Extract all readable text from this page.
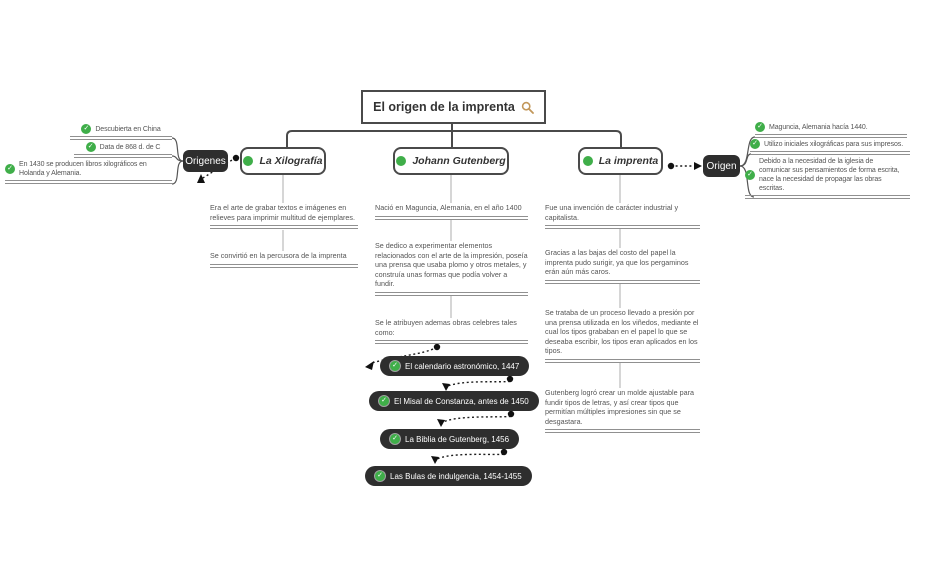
El origen de la imprenta
La Xilografía	Johann Gutenberg	La imprenta
Origenes	Origen
✓ Descubierta en China
✓ Data de 868 d. de C
✓
En 1430 se producen libros xilográficos en Holanda y Alemania.
✓ Maguncia, Alemania hacía 1440.
✓ Utilizo iniciales xilográficas para sus impresos.
✓
Debido a la necesidad de la iglesia de comunicar sus pensamientos de forma escrita, nace la necesidad de propagar las obras escritas.
Era el arte de grabar textos e imágenes en relieves para imprimir multitud de ejemplares.
Se convirtió en la percusora de la imprenta
Nació en Maguncia, Alemania, en el año 1400
Se dedico a experimentar elementos relacionados con el arte de la impresión, poseía una prensa que usaba plomo y otros metales, y construía unas formas que podía volver a fundir.
Se le atribuyen ademas obras celebres tales como:
✓ El calendario astronómico, 1447
✓ El Misal de Constanza, antes de 1450
✓ La Biblia de Gutenberg, 1456
✓ Las Bulas de indulgencia, 1454-1455
Fue una invención de carácter industrial y capitalista.
Gracias a las bajas del costo del papel la imprenta pudo surigir, ya que los pergaminos erán aún más caros.
Se trataba de un proceso llevado a presión por una prensa utilizada en los viñedos, mediante el cual los tipos grababan en el papel lo que se deseaba escribir, los tipos eran aplicados en los tipos.
Gutenberg logró crear un molde ajustable para fundir tipos de letras, y así crear tipos que permitían múltiples impresiones sin que se desgastara.
